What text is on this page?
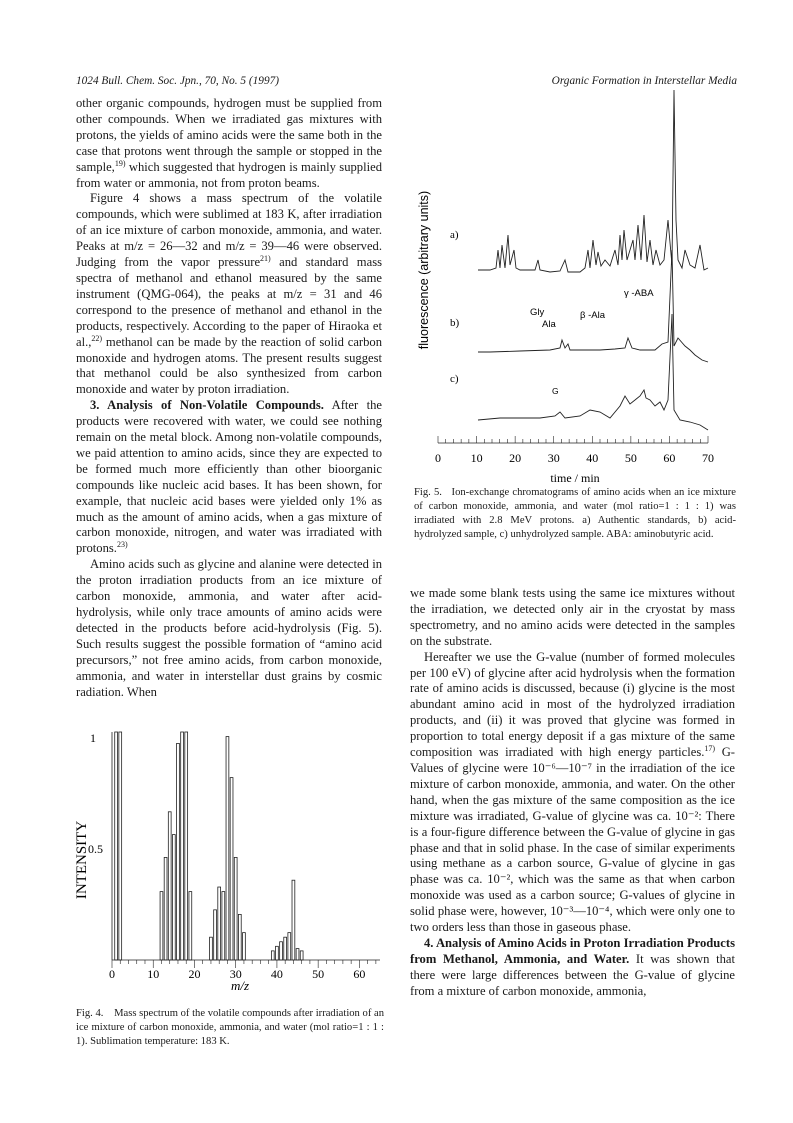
1024 Bull. Chem. Soc. Jpn., 70, No. 5 (1997)	Organic Formation in Interstellar Media

other organic compounds, hydrogen must be supplied from other compounds. When we irradiated gas mixtures with protons, the yields of amino acids were the same both in the case that protons went through the sample or stopped in the sample,$^{19)}$ which suggested that hydrogen is mainly supplied from water or ammonia, not from proton beams.

Figure 4 shows a mass spectrum of the volatile compounds, which were sublimed at 183 K, after irradiation of an ice mixture of carbon monoxide, ammonia, and water. Peaks at m/z = 26—32 and m/z = 39—46 were observed. Judging from the vapor pressure$^{21)}$ and standard mass spectra of methanol and ethanol measured by the same instrument (QMG-064), the peaks at m/z = 31 and 46 correspond to the presence of methanol and ethanol in the products, respectively. According to the paper of Hiraoka et al.,$^{22)}$ methanol can be made by the reaction of solid carbon monoxide and hydrogen atoms. The present results suggest that methanol could be also synthesized from carbon monoxide and water by proton irradiation.

3. Analysis of Non-Volatile Compounds. After the products were recovered with water, we could see nothing remain on the metal block. Among non-volatile compounds, we paid attention to amino acids, since they are expected to be formed much more efficiently than other bioorganic compounds like nucleic acid bases. It has been shown, for example, that nucleic acid bases were yielded only 1% as much as the amount of amino acids, when a gas mixture of carbon monoxide, nitrogen, and water was irradiated with protons.$^{23)}$

Amino acids such as glycine and alanine were detected in the proton irradiation products from an ice mixture of carbon monoxide, ammonia, and water after acid-hydrolysis, while only trace amounts of amino acids were detected in the products before acid-hydrolysis (Fig. 5). Such results suggest the possible formation of “amino acid precursors,” not free amino acids, from carbon monoxide, ammonia, and water in interstellar dust grains by cosmic radiation. When

fluorescence (arbitrary units) a)
b)
c)
Gly
Ala
β -Ala
γ -ABA
G
0 10 20 30 40 50 60 70
time / min
Fig. 5. Ion-exchange chromatograms of amino acids when an ice mixture of carbon monoxide, ammonia, and water (mol ratio=1 : 1 : 1) was irradiated with 2.8 MeV protons. a) Authentic standards, b) acid-hydrolyzed sample, c) unhydrolyzed sample. ABA: aminobutyric acid.

we made some blank tests using the same ice mixtures without the irradiation, we detected only air in the cryostat by mass spectrometry, and no amino acids were detected in the samples on the substrate.

Hereafter we use the G-value (number of formed molecules per 100 eV) of glycine after acid hydrolysis when the formation rate of amino acids is discussed, because (i) glycine is the most abundant amino acid in most of the hydrolyzed irradiation products, and (ii) it was proved that glycine was formed in proportion to total energy deposit if a gas mixture of the same composition was irradiated with high energy particles.$^{17)}$ G-Values of glycine were 10⁻⁶—10⁻⁷ in the irradiation of the ice mixture of carbon monoxide, ammonia, and water. On the other hand, when the gas mixture of the same composition as the ice mixture was irradiated, G-value of glycine was ca. 10⁻²: There is a four-figure difference between the G-value of glycine in gas phase and that in solid phase. In the case of similar experiments using methane as a carbon source, G-value of glycine in gas phase was ca. 10⁻², which was the same as that when carbon monoxide was used as a carbon source; G-values of glycine in solid phase were, however, 10⁻³—10⁻⁴, which were only one to two orders less than those in gaseous phase.

4. Analysis of Amino Acids in Proton Irradiation Products from Methanol, Ammonia, and Water. It was shown that there were large differences between the G-value of glycine from a mixture of carbon monoxide, ammonia,

INTENSITY
1
0.5
0	10 20 30 40 50 60
m/z
Fig. 4. Mass spectrum of the volatile compounds after irradiation of an ice mixture of carbon monoxide, ammonia, and water (mol ratio=1 : 1 : 1). Sublimation temperature: 183 K.
